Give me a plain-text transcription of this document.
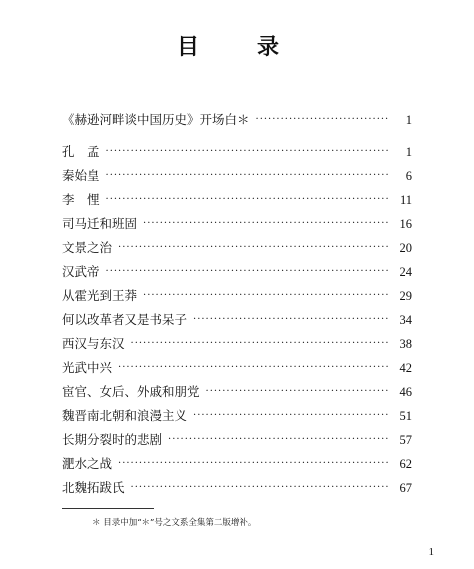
目　录
《赫逊河畔谈中国历史》开场白＊ ·····	1
孔　孟 ·····	1
秦始皇 ·····	6
李　悝 ·····	11
司马迁和班固 ·····	16
文景之治 ·····	20
汉武帝 ·····	24
从霍光到王莽 ·····	29
何以改革者又是书呆子 ·····	34
西汉与东汉 ·····	38
光武中兴 ·····	42
宦官、女后、外戚和朋党 ·····	46
魏晋南北朝和浪漫主义 ·····	51
长期分裂时的悲剧 ·····	57
淝水之战 ·····	62
北魏拓跋氏 ·····	67
＊ 目录中加“＊”号之文系全集第二版增补。
1
